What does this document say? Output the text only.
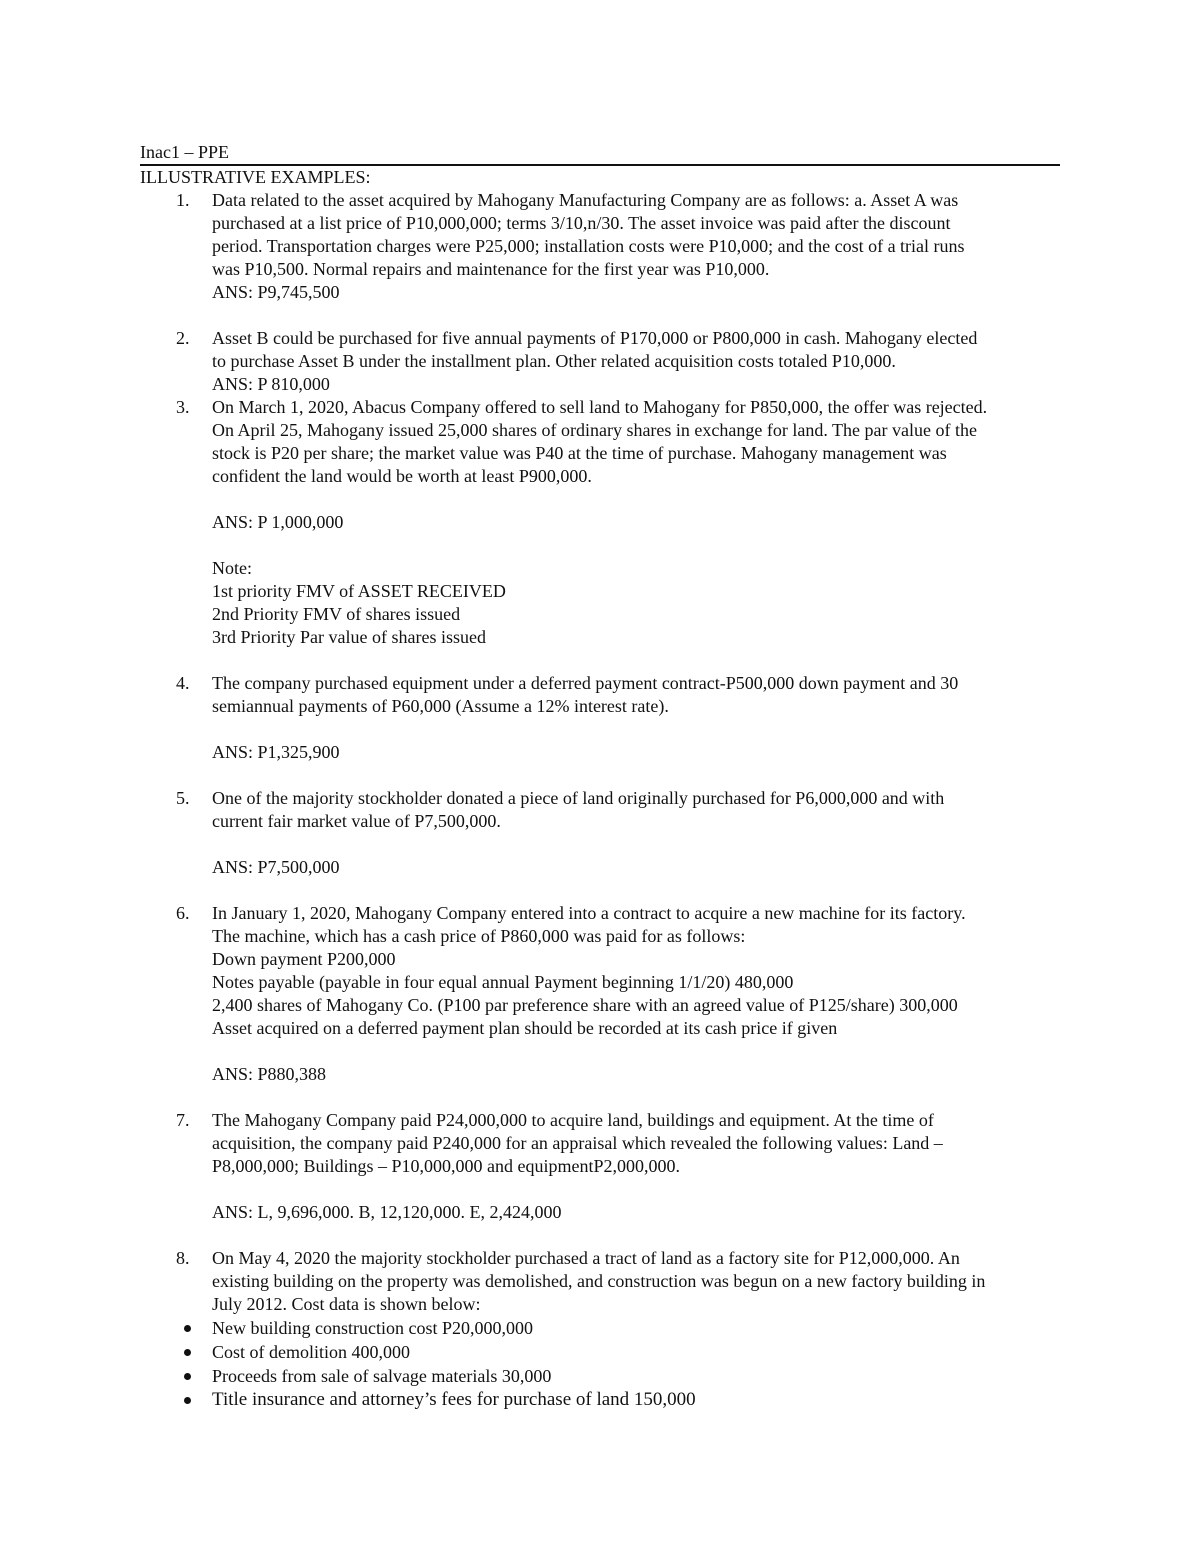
Inac1 – PPE
ILLUSTRATIVE EXAMPLES:
1. Data related to the asset acquired by Mahogany Manufacturing Company are as follows: a. Asset A was
purchased at a list price of P10,000,000; terms 3/10,n/30. The asset invoice was paid after the discount
period. Transportation charges were P25,000; installation costs were P10,000; and the cost of a trial runs
was P10,500. Normal repairs and maintenance for the first year was P10,000.
ANS: P9,745,500
2. Asset B could be purchased for five annual payments of P170,000 or P800,000 in cash. Mahogany elected
to purchase Asset B under the installment plan. Other related acquisition costs totaled P10,000.
ANS: P 810,000
3. On March 1, 2020, Abacus Company offered to sell land to Mahogany for P850,000, the offer was rejected.
On April 25, Mahogany issued 25,000 shares of ordinary shares in exchange for land. The par value of the
stock is P20 per share; the market value was P40 at the time of purchase. Mahogany management was
confident the land would be worth at least P900,000.
ANS: P 1,000,000
Note:
1st priority FMV of ASSET RECEIVED
2nd Priority FMV of shares issued
3rd Priority Par value of shares issued
4. The company purchased equipment under a deferred payment contract-P500,000 down payment and 30
semiannual payments of P60,000 (Assume a 12% interest rate).
ANS: P1,325,900
5. One of the majority stockholder donated a piece of land originally purchased for P6,000,000 and with
current fair market value of P7,500,000.
ANS: P7,500,000
6. In January 1, 2020, Mahogany Company entered into a contract to acquire a new machine for its factory.
The machine, which has a cash price of P860,000 was paid for as follows:
Down payment P200,000
Notes payable (payable in four equal annual Payment beginning 1/1/20) 480,000
2,400 shares of Mahogany Co. (P100 par preference share with an agreed value of P125/share) 300,000
Asset acquired on a deferred payment plan should be recorded at its cash price if given
ANS: P880,388
7. The Mahogany Company paid P24,000,000 to acquire land, buildings and equipment. At the time of
acquisition, the company paid P240,000 for an appraisal which revealed the following values: Land –
P8,000,000; Buildings – P10,000,000 and equipmentP2,000,000.
ANS: L, 9,696,000. B, 12,120,000. E, 2,424,000
8. On May 4, 2020 the majority stockholder purchased a tract of land as a factory site for P12,000,000. An
existing building on the property was demolished, and construction was begun on a new factory building in
July 2012. Cost data is shown below:
New building construction cost P20,000,000
Cost of demolition 400,000
Proceeds from sale of salvage materials 30,000
Title insurance and attorney’s fees for purchase of land 150,000
